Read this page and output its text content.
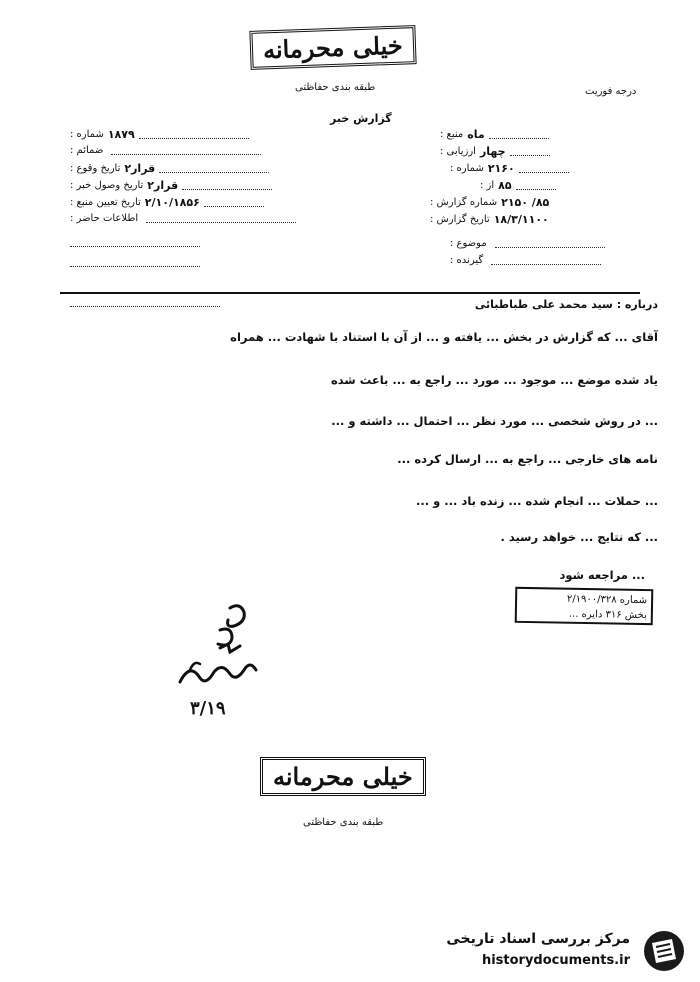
خیلی محرمانه
طبقه بندی حفاظتی	درجه فوریت
گزارش خبر
۱۸۷۹
شماره :
ضمائم :
قرار۲
تاریخ وقوع :
قرار۲
تاریخ وصول خبر :
۲/۱۰/۱۸۵۶
تاریخ تعیین منبع :
اطلاعات حاضر :
ماه
منبع :
چهار
ارزیابی :
۲۱۶۰
شماره :
۸۵
از :
۸۵/ ۲۱۵۰
شماره گزارش :
۱۸/۳/۱۱۰۰
تاریخ گزارش :
موضوع :
گیرنده :
درباره : سید محمد علی طباطبائی
آقای ... که گزارش در بخش ... یافته و ... از آن با استناد با شهادت ... همراه
یاد شده موضع ... موجود ... مورد ... راجع به ... باعث شده
... در روش شخصی ... مورد نظر ... احتمال ... داشته و ...
نامه های خارجی ... راجع به ... ارسال کرده ...
... حملات ... انجام شده ... زنده باد ... و ...
... که نتایج ... خواهد رسید .
... مراجعه شود
شماره ۲/۱۹۰۰/۳۲۸
بخش ۳۱۶ دایره ...
۳/۱۹
خیلی محرمانه
طبقه بندی حفاظتی
مرکز بررسی اسناد تاریخی
historydocuments.ir
